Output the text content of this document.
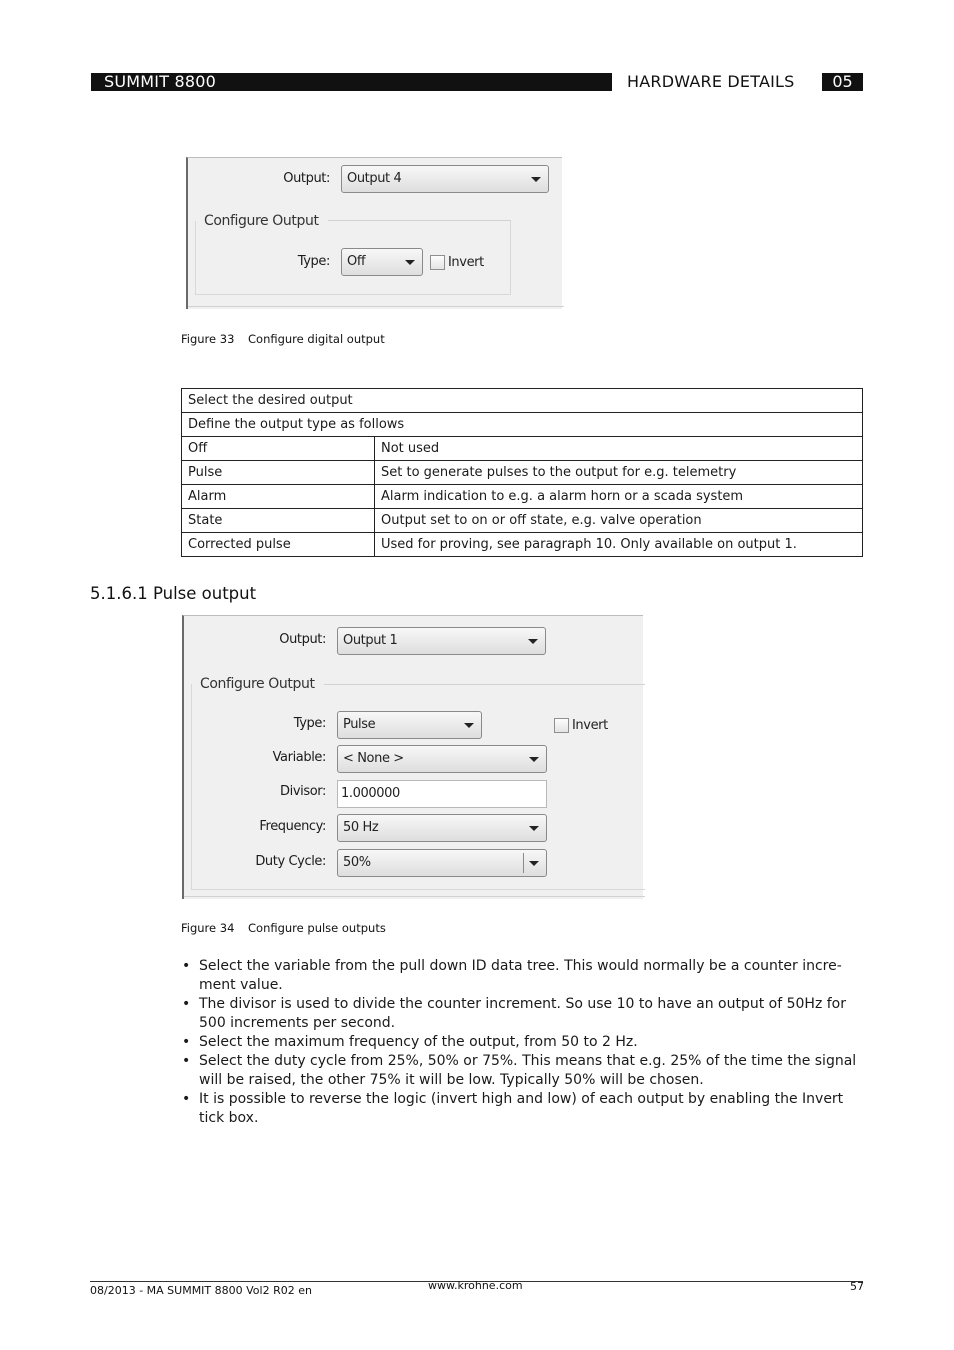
SUMMIT 8800	HARDWARE DETAILS	05
Output:	Output 4
Configure Output
Type:	Off	Invert
Figure 33 Configure digital output
Select the desired output	
Define the output type as follows	
Off	Not used
Pulse	Set to generate pulses to the output for e.g. telemetry
Alarm	Alarm indication to e.g. a alarm horn or a scada system
State	Output set to on or off state, e.g. valve operation
Corrected pulse	Used for proving, see paragraph 10. Only available on output 1.
5.1.6.1 Pulse output
Output:	Output 1
Configure Output
Type:	Pulse	Invert
Variable:	< None >
Divisor:	1.000000
Frequency:	50 Hz
Duty Cycle:	50%
Figure 34 Configure pulse outputs
• Select the variable from the pull down ID data tree. This would normally be a counter incre-ment value.
• The divisor is used to divide the counter increment. So use 10 to have an output of 50Hz for 500 increments per second.
• Select the maximum frequency of the output, from 50 to 2 Hz.
• Select the duty cycle from 25%, 50% or 75%. This means that e.g. 25% of the time the signal will be raised, the other 75% it will be low. Typically 50% will be chosen.
• It is possible to reverse the logic (invert high and low) of each output by enabling the Invert tick box.
08/2013 - MA SUMMIT 8800 Vol2 R02 en	www.krohne.com	57
